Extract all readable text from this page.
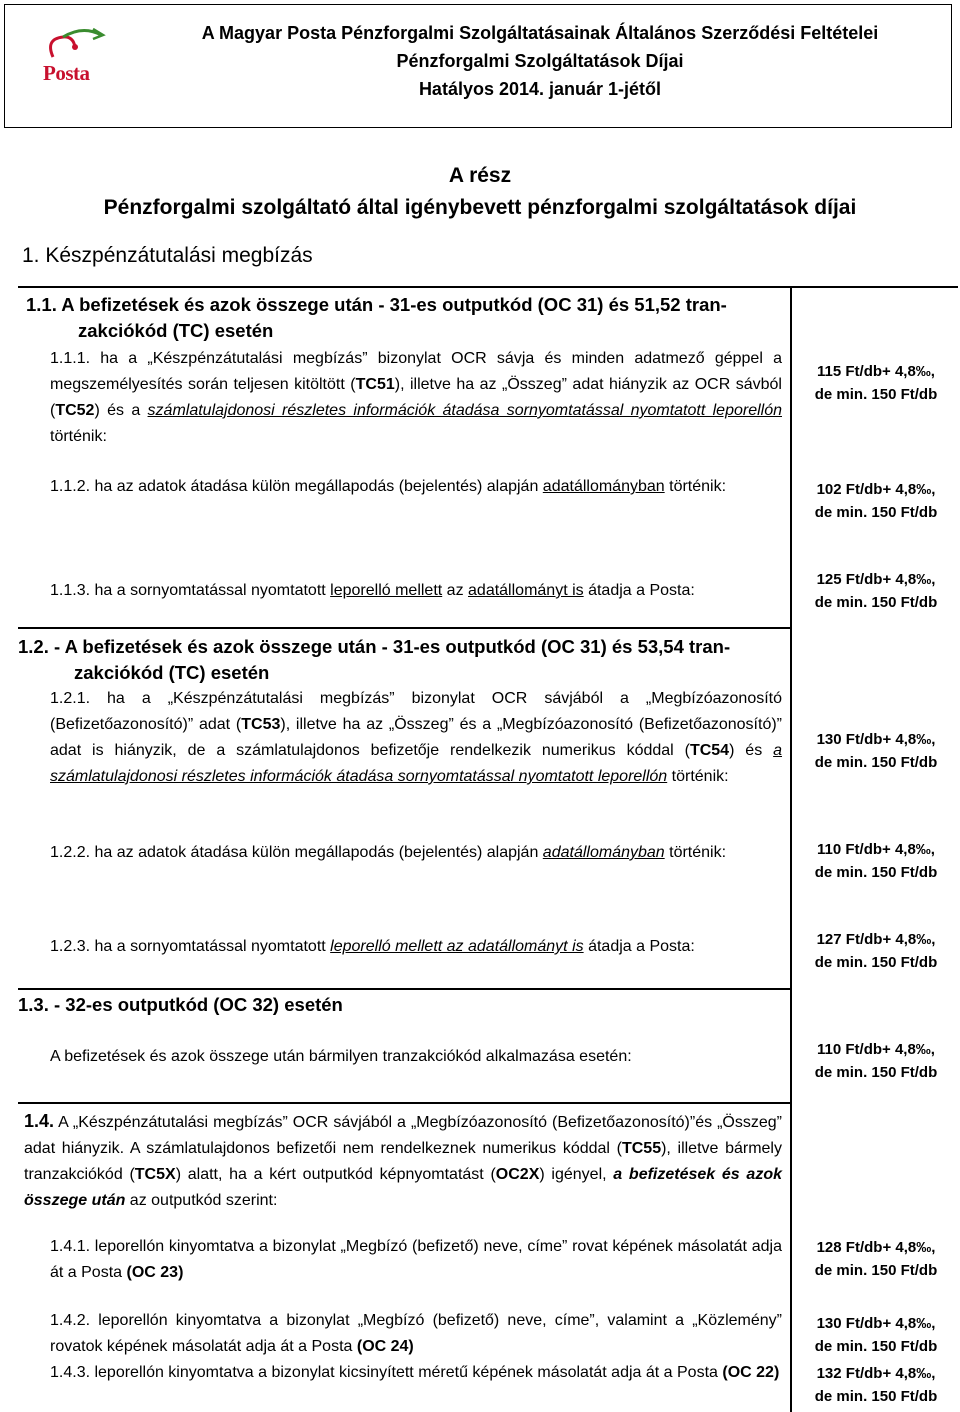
Posta
A Magyar Posta Pénzforgalmi Szolgáltatásainak Általános Szerződési Feltételei
Pénzforgalmi Szolgáltatások Díjai
Hatályos 2014. január 1-jétől
A rész
Pénzforgalmi szolgáltató által igénybevett pénzforgalmi szolgáltatások díjai
1. Készpénzátutalási megbízás
1.1. A befizetések és azok összege után - 31-es outputkód (OC 31) és 51,52 tran-
zakciókód (TC) esetén
1.1.1. ha a „Készpénzátutalási megbízás” bizonylat OCR sávja és minden adatmező géppel a megszemélyesítés során teljesen kitöltött (TC51), illetve ha az „Összeg” adat hiányzik az OCR sávból (TC52) és a számlatulajdonosi részletes információk átadása sornyomtatással nyomtatott leporellón történik:
115 Ft/db+ 4,8‰,
de min. 150 Ft/db
1.1.2. ha az adatok átadása külön megállapodás (bejelentés) alapján adatállományban történik:	102 Ft/db+ 4,8‰,
de min. 150 Ft/db
1.1.3. ha a sornyomtatással nyomtatott leporelló mellett az adatállományt is átadja a Posta:
125 Ft/db+ 4,8‰,
de min. 150 Ft/db
1.2. - A befizetések és azok összege után - 31-es outputkód (OC 31) és 53,54 tran-
zakciókód (TC) esetén
1.2.1. ha a „Készpénzátutalási megbízás” bizonylat OCR sávjából a „Megbízóazonosító (Befizetőazonosító)” adat (TC53), illetve ha az „Összeg” és a „Megbízóazonosító (Befizetőazonosító)” adat is hiányzik, de a számlatulajdonos befizetője rendelkezik numerikus kóddal (TC54) és a számlatulajdonosi részletes információk átadása sornyomtatással nyomtatott leporellón történik:
130 Ft/db+ 4,8‰,
de min. 150 Ft/db
1.2.2. ha az adatok átadása külön megállapodás (bejelentés) alapján adatállományban történik:	110 Ft/db+ 4,8‰,
de min. 150 Ft/db
1.2.3. ha a sornyomtatással nyomtatott leporelló mellett az adatállományt is átadja a Posta:	127 Ft/db+ 4,8‰,
de min. 150 Ft/db
1.3. - 32-es outputkód (OC 32) esetén
A befizetések és azok összege után bármilyen tranzakciókód alkalmazása esetén:	110 Ft/db+ 4,8‰,
de min. 150 Ft/db
1.4. A „Készpénzátutalási megbízás” OCR sávjából a „Megbízóazonosító (Befizetőazonosító)”és „Összeg” adat hiányzik. A számlatulajdonos befizetői nem rendelkeznek numerikus kóddal (TC55), illetve bármely tranzakciókód (TC5X) alatt, ha a kért outputkód képnyomtatást (OC2X) igényel, a befizetések és azok összege után az outputkód szerint:
1.4.1. leporellón kinyomtatva a bizonylat „Megbízó (befizető) neve, címe” rovat képének másolatát adja át a Posta (OC 23)
128 Ft/db+ 4,8‰,
de min. 150 Ft/db
1.4.2. leporellón kinyomtatva a bizonylat „Megbízó (befizető) neve, címe”, valamint a „Közlemény” rovatok képének másolatát adja át a Posta (OC 24)
130 Ft/db+ 4,8‰,
de min. 150 Ft/db
1.4.3. leporellón kinyomtatva a bizonylat kicsinyített méretű képének másolatát adja át a Posta (OC 22)	132 Ft/db+ 4,8‰,
de min. 150 Ft/db
